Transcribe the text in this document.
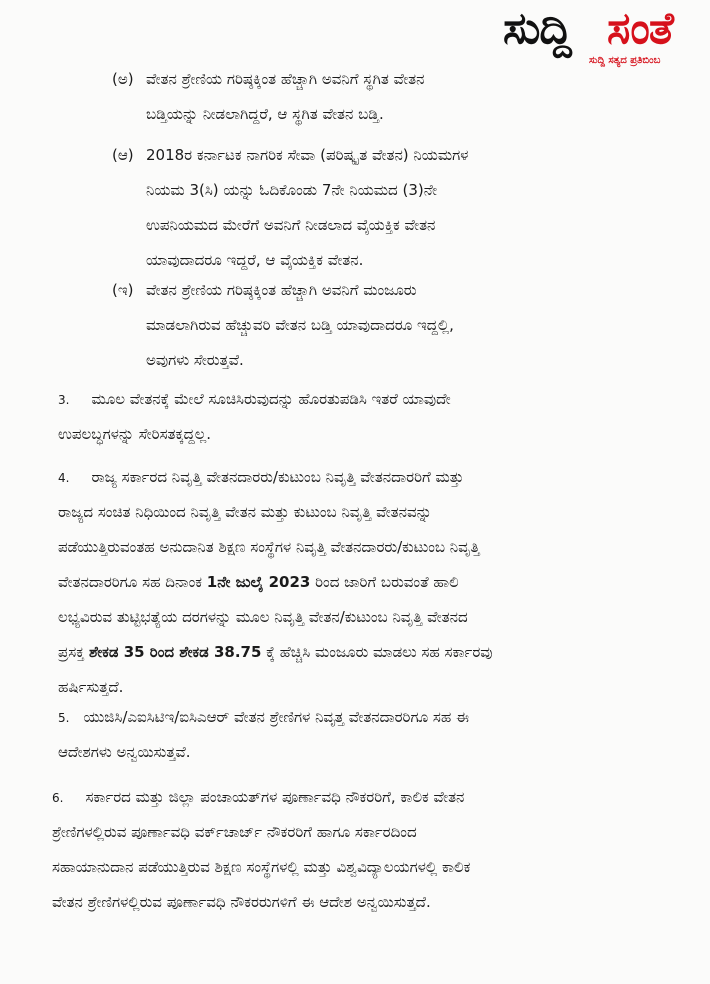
ಸುದ್ದಿ ಸಂತೆ
ಸುದ್ದಿ ಸತ್ಯದ ಪ್ರತಿಬಿಂಬ
(ಅ) ವೇತನ ಶ್ರೇಣಿಯ ಗರಿಷ್ಠಕ್ಕಿಂತ ಹೆಚ್ಚಾಗಿ ಅವನಿಗೆ ಸ್ಥಗಿತ ವೇತನ
ಬಡ್ತಿಯನ್ನು ನೀಡಲಾಗಿದ್ದರೆ, ಆ ಸ್ಥಗಿತ ವೇತನ ಬಡ್ತಿ.
(ಆ) 2018ರ ಕರ್ನಾಟಕ ನಾಗರಿಕ ಸೇವಾ (ಪರಿಷ್ಕೃತ ವೇತನ) ನಿಯಮಗಳ
ನಿಯಮ 3(ಸಿ) ಯನ್ನು ಓದಿಕೊಂಡು 7ನೇ ನಿಯಮದ (3)ನೇ
ಉಪನಿಯಮದ ಮೇರೆಗೆ ಅವನಿಗೆ ನೀಡಲಾದ ವೈಯಕ್ತಿಕ ವೇತನ
ಯಾವುದಾದರೂ ಇದ್ದರೆ, ಆ ವೈಯಕ್ತಿಕ ವೇತನ.
(ಇ) ವೇತನ ಶ್ರೇಣಿಯ ಗರಿಷ್ಠಕ್ಕಿಂತ ಹೆಚ್ಚಾಗಿ ಅವನಿಗೆ ಮಂಜೂರು
ಮಾಡಲಾಗಿರುವ ಹೆಚ್ಚುವರಿ ವೇತನ ಬಡ್ತಿ ಯಾವುದಾದರೂ ಇದ್ದಲ್ಲಿ,
ಅವುಗಳು ಸೇರುತ್ತವೆ.
3. ಮೂಲ ವೇತನಕ್ಕೆ ಮೇಲೆ ಸೂಚಿಸಿರುವುದನ್ನು ಹೊರತುಪಡಿಸಿ ಇತರೆ ಯಾವುದೇ
ಉಪಲಬ್ಧಗಳನ್ನು ಸೇರಿಸತಕ್ಕದ್ದಲ್ಲ.
4. ರಾಜ್ಯ ಸರ್ಕಾರದ ನಿವೃತ್ತಿ ವೇತನದಾರರು/ಕುಟುಂಬ ನಿವೃತ್ತಿ ವೇತನದಾರರಿಗೆ ಮತ್ತು
ರಾಜ್ಯದ ಸಂಚಿತ ನಿಧಿಯಿಂದ ನಿವೃತ್ತಿ ವೇತನ ಮತ್ತು ಕುಟುಂಬ ನಿವೃತ್ತಿ ವೇತನವನ್ನು
ಪಡೆಯುತ್ತಿರುವಂತಹ ಅನುದಾನಿತ ಶಿಕ್ಷಣ ಸಂಸ್ಥೆಗಳ ನಿವೃತ್ತಿ ವೇತನದಾರರು/ಕುಟುಂಬ ನಿವೃತ್ತಿ
ವೇತನದಾರರಿಗೂ ಸಹ ದಿನಾಂಕ 1ನೇ ಜುಲೈ 2023 ರಿಂದ ಜಾರಿಗೆ ಬರುವಂತೆ ಹಾಲಿ
ಲಭ್ಯವಿರುವ ತುಟ್ಟಿಭತ್ಯೆಯ ದರಗಳನ್ನು ಮೂಲ ನಿವೃತ್ತಿ ವೇತನ/ಕುಟುಂಬ ನಿವೃತ್ತಿ ವೇತನದ
ಪ್ರಸಕ್ತ ಶೇಕಡ 35 ರಿಂದ ಶೇಕಡ 38.75 ಕ್ಕೆ ಹೆಚ್ಚಿಸಿ ಮಂಜೂರು ಮಾಡಲು ಸಹ ಸರ್ಕಾರವು
ಹರ್ಷಿಸುತ್ತದೆ.
5. ಯುಜಿಸಿ/ಎಐಸಿಟಿಇ/ಐಸಿಎಆರ್ ವೇತನ ಶ್ರೇಣಿಗಳ ನಿವೃತ್ತ ವೇತನದಾರರಿಗೂ ಸಹ ಈ
ಆದೇಶಗಳು ಅನ್ವಯಿಸುತ್ತವೆ.
6. ಸರ್ಕಾರದ ಮತ್ತು ಜಿಲ್ಲಾ ಪಂಚಾಯತ್‌ಗಳ ಪೂರ್ಣಾವಧಿ ನೌಕರರಿಗೆ, ಕಾಲಿಕ ವೇತನ
ಶ್ರೇಣಿಗಳಲ್ಲಿರುವ ಪೂರ್ಣಾವಧಿ ವರ್ಕ್‌ಚಾರ್ಜ್ ನೌಕರರಿಗೆ ಹಾಗೂ ಸರ್ಕಾರದಿಂದ
ಸಹಾಯಾನುದಾನ ಪಡೆಯುತ್ತಿರುವ ಶಿಕ್ಷಣ ಸಂಸ್ಥೆಗಳಲ್ಲಿ ಮತ್ತು ವಿಶ್ವವಿದ್ಯಾಲಯಗಳಲ್ಲಿ ಕಾಲಿಕ
ವೇತನ ಶ್ರೇಣಿಗಳಲ್ಲಿರುವ ಪೂರ್ಣಾವಧಿ ನೌಕರರುಗಳಿಗೆ ಈ ಆದೇಶ ಅನ್ವಯಿಸುತ್ತದೆ.
